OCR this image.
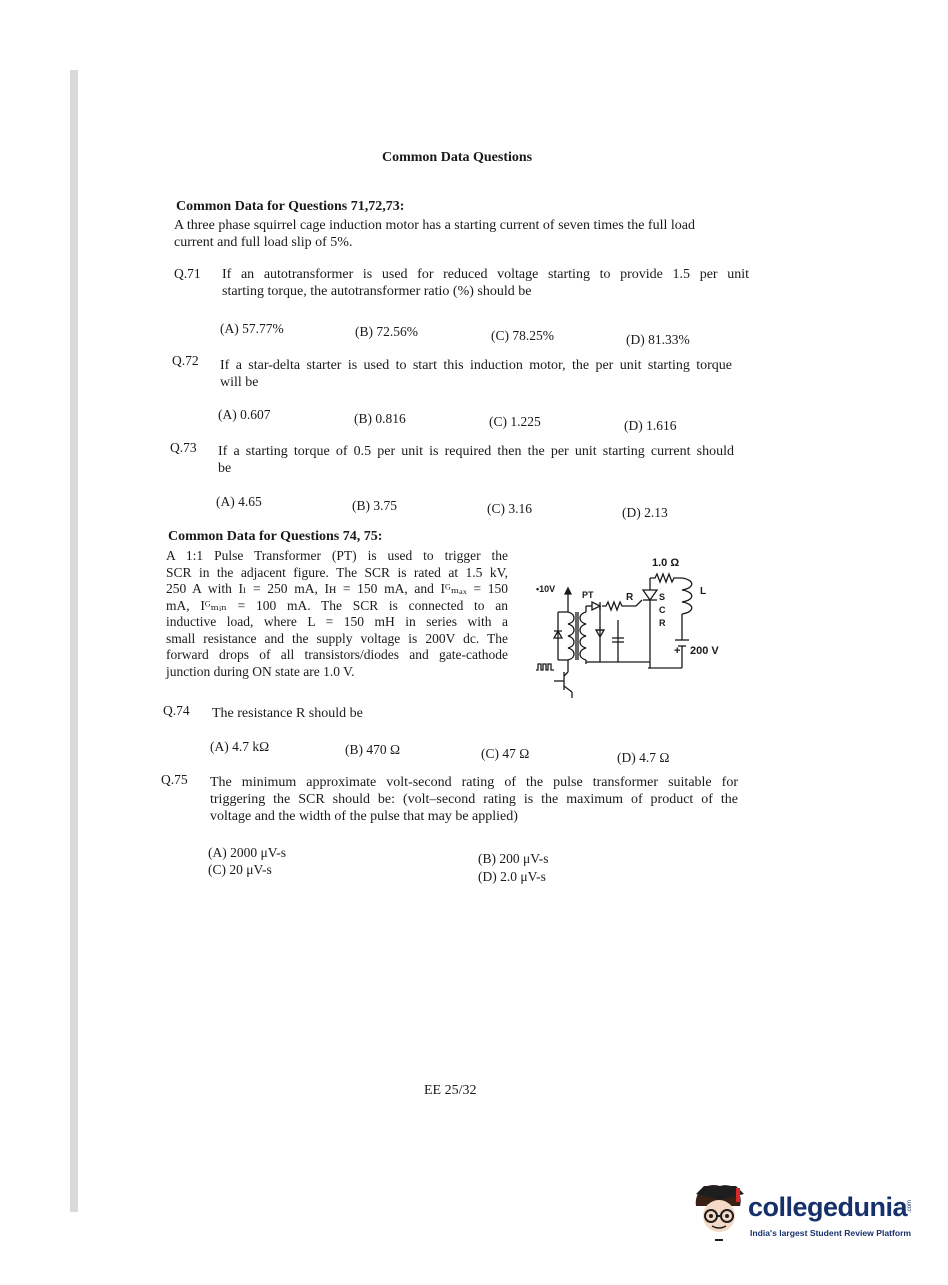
Common Data Questions
Common Data for Questions 71,72,73:
A three phase squirrel cage induction motor has a starting current of seven times the full load
current and full load slip of 5%.
Q.71 If an autotransformer is used for reduced voltage starting to provide 1.5 per unit
starting torque, the autotransformer ratio (%) should be
(A) 57.77%	(B) 72.56%	(C) 78.25%	(D) 81.33%
Q.72 If a star-delta starter is used to start this induction motor, the per unit starting torque
will be
(A) 0.607	(B) 0.816	(C) 1.225	(D) 1.616
Q.73 If a starting torque of 0.5 per unit is required then the per unit starting current should
be
(A) 4.65	(B) 3.75	(C) 3.16	(D) 2.13
Common Data for Questions 74, 75:
A 1:1 Pulse Transformer (PT) is used to trigger the
SCR in the adjacent figure. The SCR is rated at 1.5 kV,
250 A with Iₗ = 250 mA, Iʜ = 150 mA, and Iᴳₘₐₓ = 150
mA, Iᴳₘᵢₙ = 100 mA. The SCR is connected to an
inductive load, where L = 150 mH in series with a
small resistance and the supply voltage is 200V dc. The
forward drops of all transistors/diodes and gate-cathode
junction during ON state are 1.0 V.
1.0 Ω
•10V
PT	R	S
C
R
L
+ 200 V
Q.74 The resistance R should be
(A) 4.7 kΩ	(B) 470 Ω	(C) 47 Ω	(D) 4.7 Ω
Q.75 The minimum approximate volt-second rating of the pulse transformer suitable for
triggering the SCR should be: (volt–second rating is the maximum of product of the
voltage and the width of the pulse that may be applied)
(A) 2000 μV-s	(B) 200 μV-s
(C) 20 μV-s	(D) 2.0 μV-s
EE 25/32
collegedunia .com
India's largest Student Review Platform
